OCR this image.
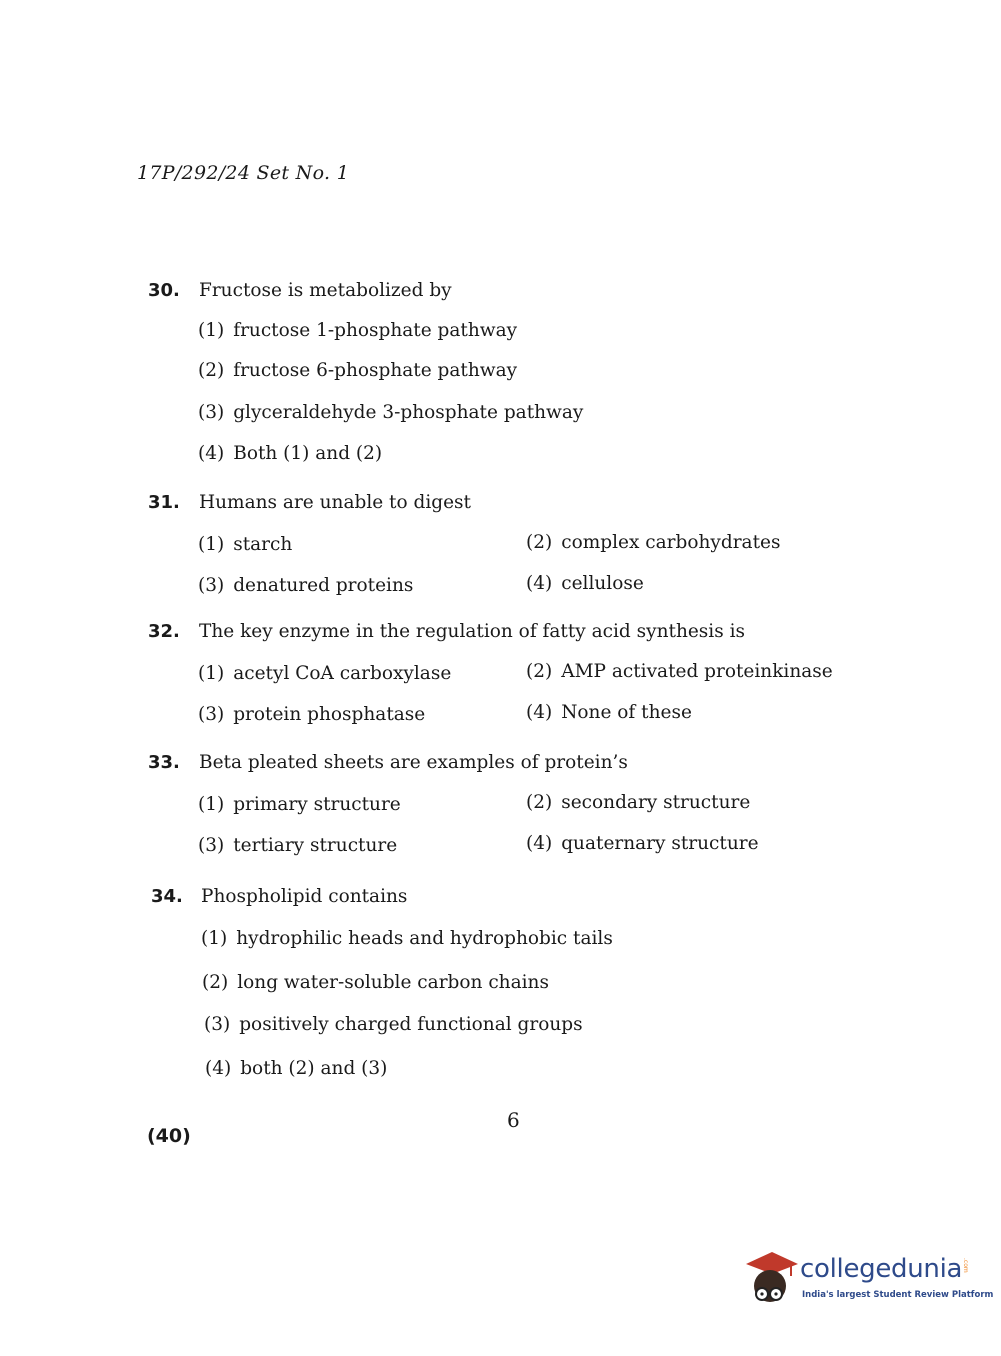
17P/292/24 Set No. 1
30. Fructose is metabolized by
(1) fructose 1-phosphate pathway
(2) fructose 6-phosphate pathway
(3) glyceraldehyde 3-phosphate pathway
(4) Both (1) and (2)
31. Humans are unable to digest
(1) starch	(2) complex carbohydrates
(3) denatured proteins	(4) cellulose
32. The key enzyme in the regulation of fatty acid synthesis is
(1) acetyl CoA carboxylase	(2) AMP activated proteinkinase
(3) protein phosphatase	(4) None of these
33. Beta pleated sheets are examples of protein’s
(1) primary structure	(2) secondary structure
(3) tertiary structure	(4) quaternary structure
34. Phospholipid contains
(1) hydrophilic heads and hydrophobic tails
(2) long water-soluble carbon chains
(3) positively charged functional groups
(4) both (2) and (3)
6
(40)
collegedunia .com
India's largest Student Review Platform
